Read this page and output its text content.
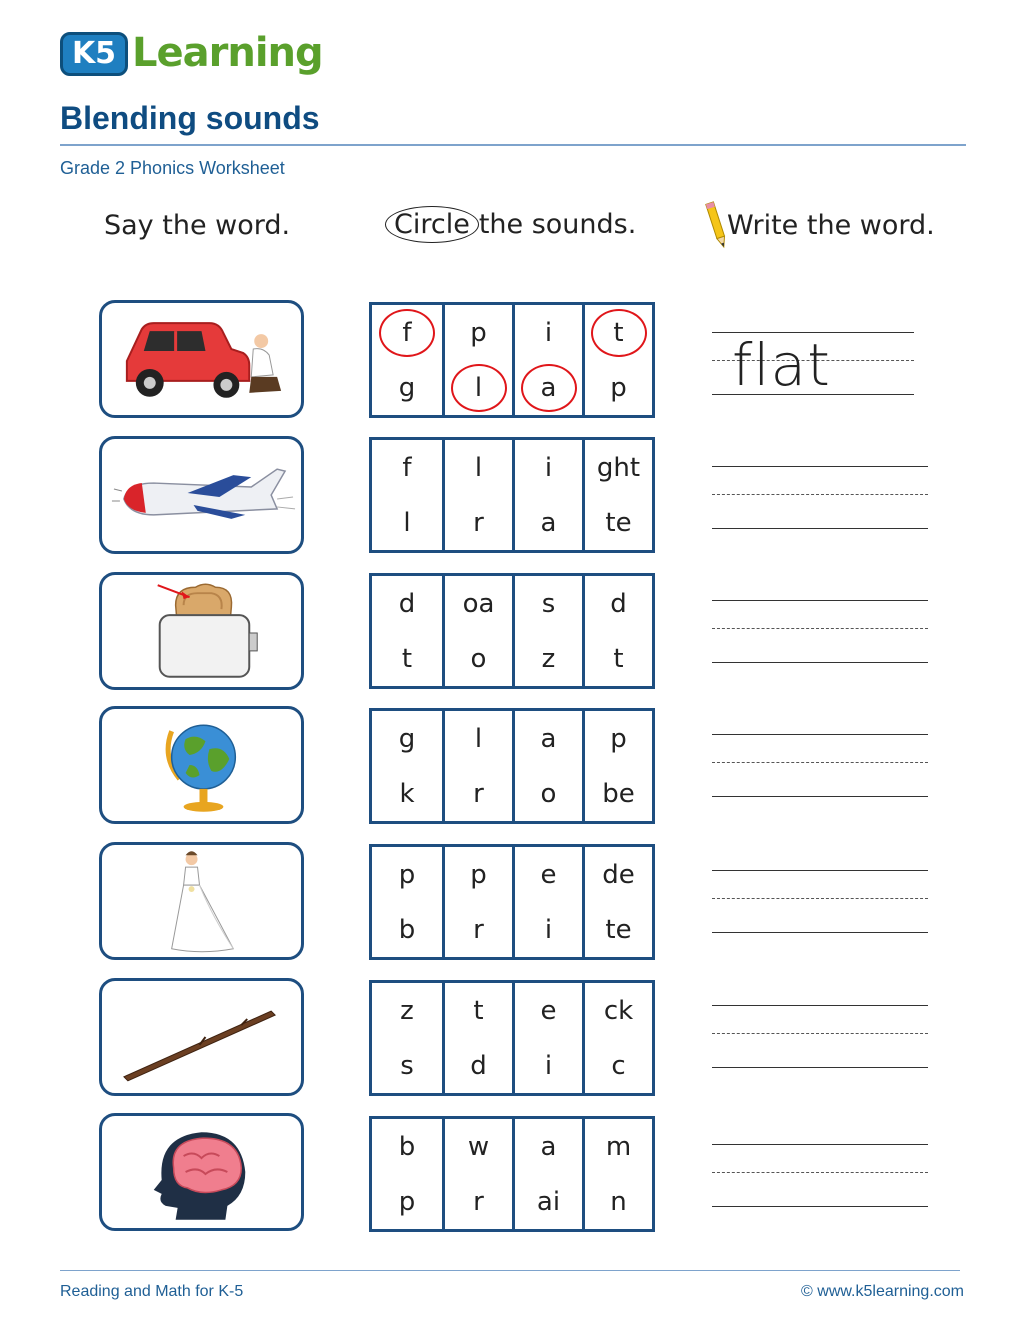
K5 Learning
Blending sounds
Grade 2 Phonics Worksheet
Say the word.	Circle the sounds.	Write the word.
f p i t
g l a p flat
f l i ght
l r a te
d oa s d
t o z t
g l a p
k r o be
p p e de
b r i te
z t e ck
s d i c
b w a m
p r ai n
Reading and Math for K-5	© www.k5learning.com
